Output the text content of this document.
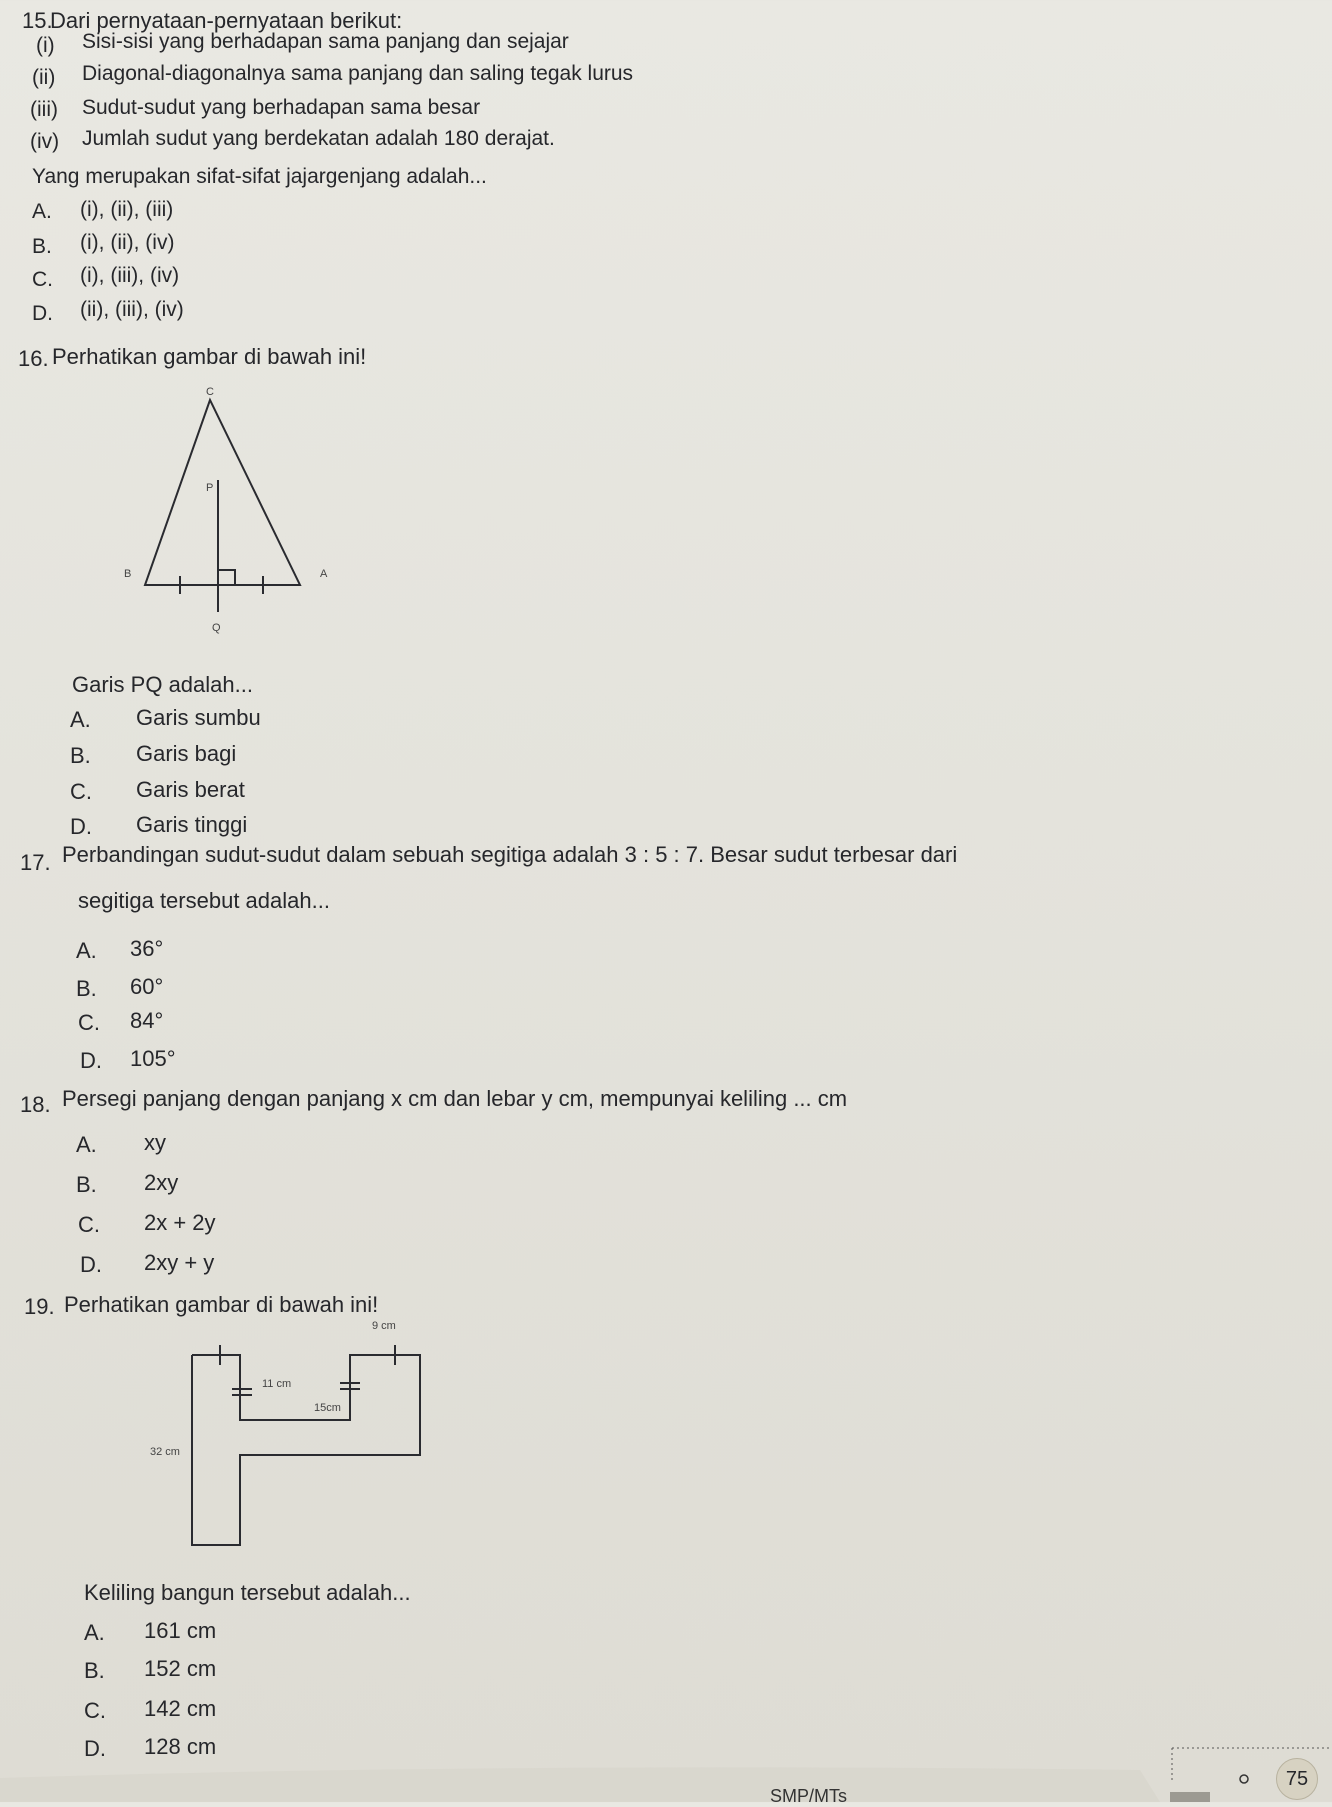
15.
Dari pernyataan-pernyataan berikut:
(i) Sisi-sisi yang berhadapan sama panjang dan sejajar
(ii) Diagonal-diagonalnya sama panjang dan saling tegak lurus
(iii) Sudut-sudut yang berhadapan sama besar
(iv) Jumlah sudut yang berdekatan adalah 180 derajat.
Yang merupakan sifat-sifat jajargenjang adalah...
A. (i), (ii), (iii)
B. (i), (ii), (iv)
C. (i), (iii), (iv)
D. (ii), (iii), (iv)
16. Perhatikan gambar di bawah ini!
C
P
B	A
Q
Garis PQ adalah...
A. Garis sumbu
B. Garis bagi
C. Garis berat
D. Garis tinggi
17. Perbandingan sudut-sudut dalam sebuah segitiga adalah 3 : 5 : 7. Besar sudut terbesar dari
segitiga tersebut adalah...
A. 36°
B. 60°
C. 84°
D. 105°
18. Persegi panjang dengan panjang x cm dan lebar y cm, mempunyai keliling ... cm
A. xy
B. 2xy
C. 2x + 2y
D. 2xy + y
19. Perhatikan gambar di bawah ini!
9 cm
11 cm
15cm
32 cm
Keliling bangun tersebut adalah...
A. 161 cm
B. 152 cm
C. 142 cm
D. 128 cm
75
SMP/MTs
